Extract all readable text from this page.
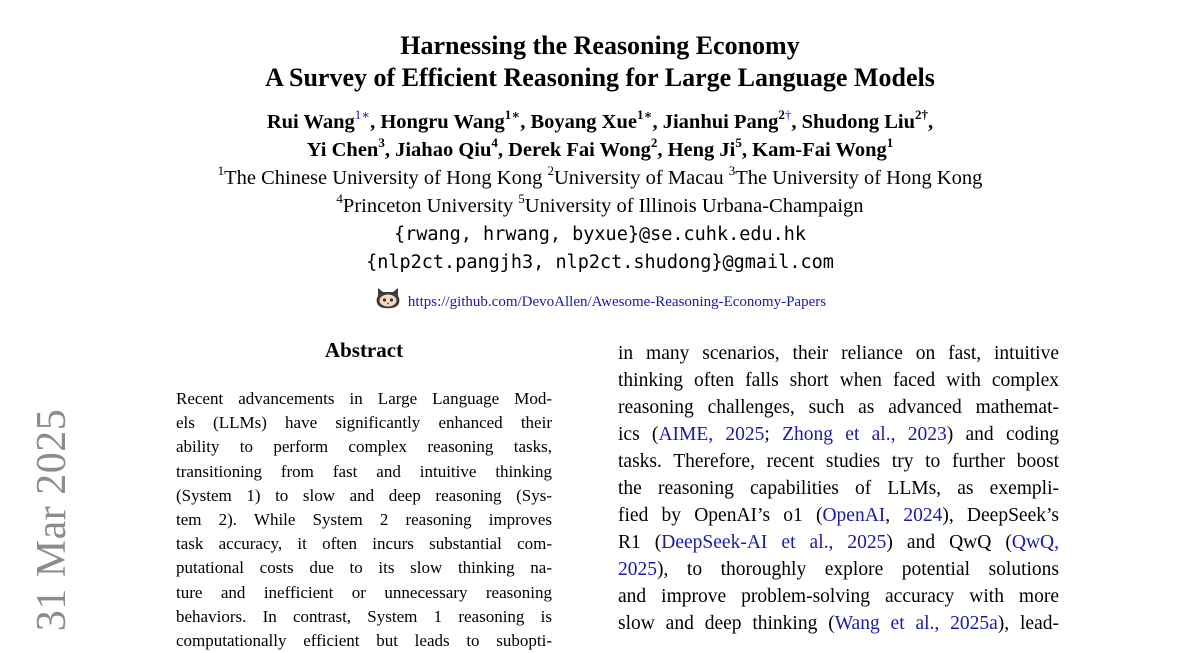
31 Mar 2025
Harnessing the Reasoning Economy
A Survey of Efficient Reasoning for Large Language Models
Rui Wang$^{1∗}$, Hongru Wang$^{1∗}$, Boyang Xue$^{1∗}$, Jianhui Pang$^{2\dagger}$, Shudong Liu$^{2\dagger}$,
Yi Chen$^3$, Jiahao Qiu$^4$, Derek Fai Wong$^2$, Heng Ji$^5$, Kam-Fai Wong$^1$
$^1$The Chinese University of Hong Kong $^2$University of Macau $^3$The University of Hong Kong
$^4$Princeton University $^5$University of Illinois Urbana-Champaign
{rwang, hrwang, byxue}@se.cuhk.edu.hk
{nlp2ct.pangjh3, nlp2ct.shudong}@gmail.com
https://github.com/DevoAllen/Awesome-Reasoning-Economy-Papers
Abstract
Recent advancements in Large Language Mod-
els (LLMs) have significantly enhanced their
ability to perform complex reasoning tasks,
transitioning from fast and intuitive thinking
(System 1) to slow and deep reasoning (Sys-
tem 2). While System 2 reasoning improves
task accuracy, it often incurs substantial com-
putational costs due to its slow thinking na-
ture and inefficient or unnecessary reasoning
behaviors. In contrast, System 1 reasoning is
computationally efficient but leads to subopti-
in many scenarios, their reliance on fast, intuitive
thinking often falls short when faced with complex
reasoning challenges, such as advanced mathemat-
ics (AIME, 2025; Zhong et al., 2023) and coding
tasks. Therefore, recent studies try to further boost
the reasoning capabilities of LLMs, as exempli-
fied by OpenAI’s o1 (OpenAI, 2024), DeepSeek’s
R1 (DeepSeek-AI et al., 2025) and QwQ (QwQ,
2025), to thoroughly explore potential solutions
and improve problem-solving accuracy with more
slow and deep thinking (Wang et al., 2025a), lead-
